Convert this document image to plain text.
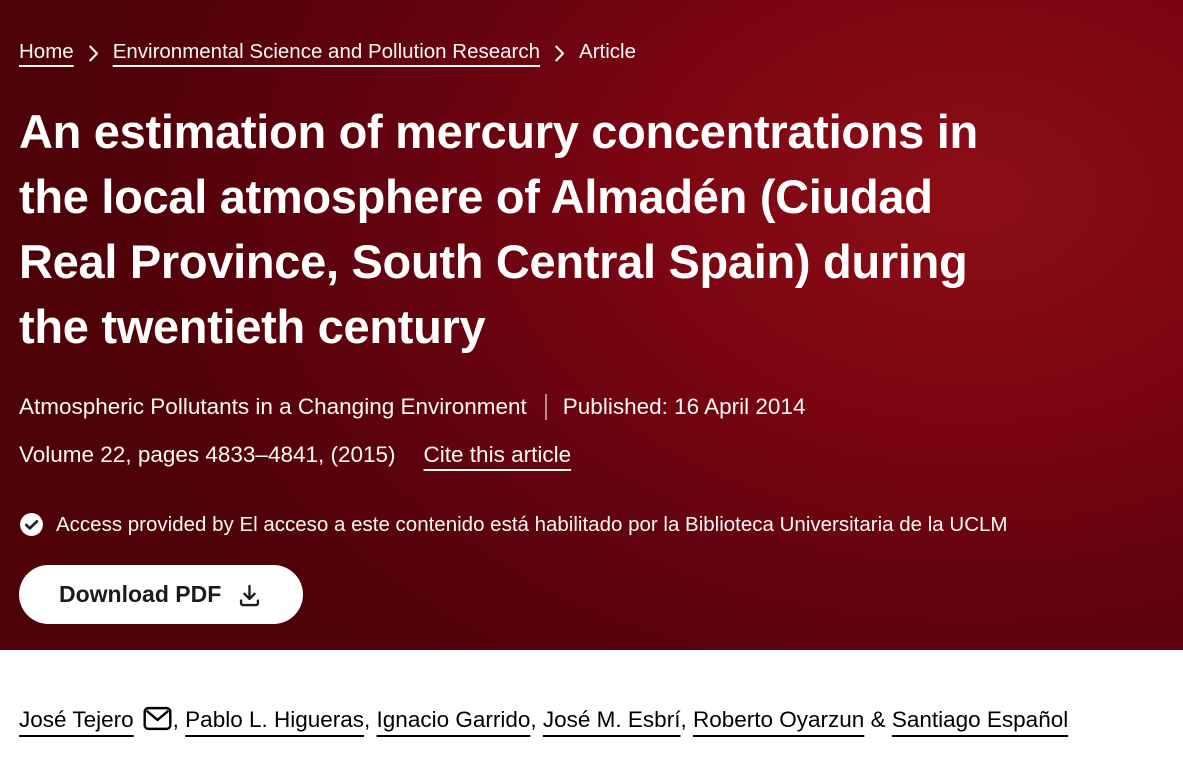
Home Environmental Science and Pollution Research Article
An estimation of mercury concentrations in
the local atmosphere of Almadén (Ciudad
Real Province, South Central Spain) during
the twentieth century
Atmospheric Pollutants in a Changing Environment Published: 16 April 2014
Volume 22, pages 4833–4841, (2015) Cite this article
Access provided by El acceso a este contenido está habilitado por la Biblioteca Universitaria de la UCLM
Download PDF

José Tejero , Pablo L. Higueras, Ignacio Garrido, José M. Esbrí, Roberto Oyarzun & Santiago Español
